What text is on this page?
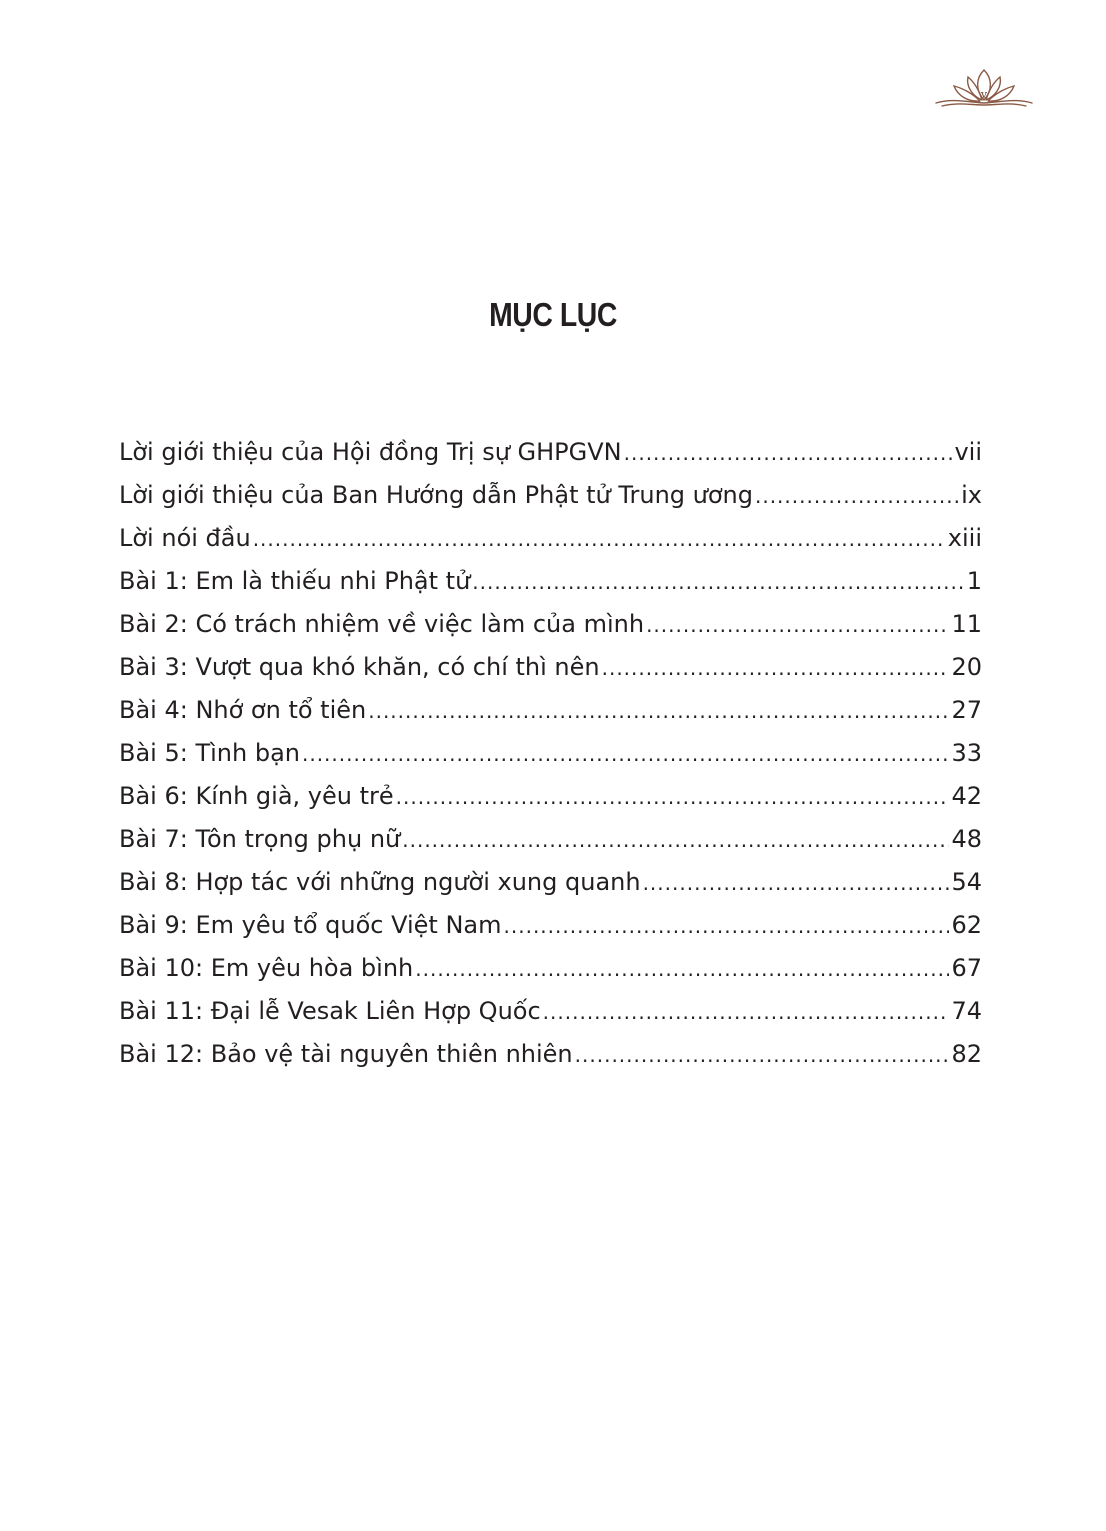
v
MỤC LỤC
Lời giới thiệu của Hội đồng Trị sự GHPGVN .....	vii
Lời giới thiệu của Ban Hướng dẫn Phật tử Trung ương .....	ix
Lời nói đầu .....	xiii
Bài 1: Em là thiếu nhi Phật tử .....	1
Bài 2: Có trách nhiệm về việc làm của mình .....	11
Bài 3: Vượt qua khó khăn, có chí thì nên .....	20
Bài 4: Nhớ ơn tổ tiên .....	27
Bài 5: Tình bạn .....	33
Bài 6: Kính già, yêu trẻ .....	42
Bài 7: Tôn trọng phụ nữ .....	48
Bài 8: Hợp tác với những người xung quanh .....	54
Bài 9: Em yêu tổ quốc Việt Nam .....	62
Bài 10: Em yêu hòa bình .....	67
Bài 11: Đại lễ Vesak Liên Hợp Quốc .....	74
Bài 12: Bảo vệ tài nguyên thiên nhiên .....	82
